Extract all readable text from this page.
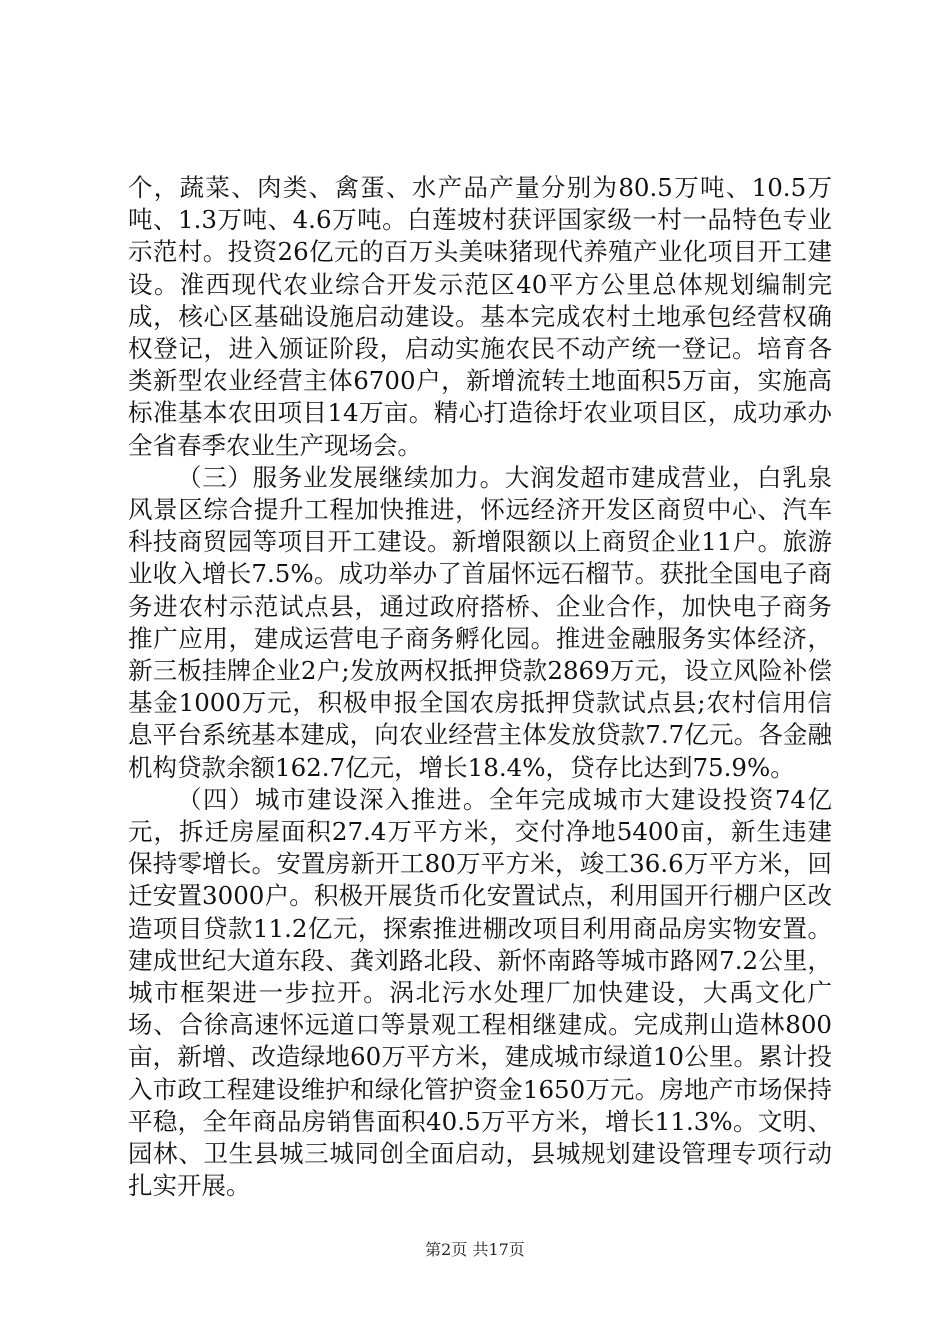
个，蔬菜、肉类、禽蛋、水产品产量分别为80.5万吨、10.5万吨、1.3万吨、4.6万吨。白莲坡村获评国家级一村一品特色专业示范村。投资26亿元的百万头美味猪现代养殖产业化项目开工建设。淮西现代农业综合开发示范区40平方公里总体规划编制完成，核心区基础设施启动建设。基本完成农村土地承包经营权确权登记，进入颁证阶段，启动实施农民不动产统一登记。培育各类新型农业经营主体6700户，新增流转土地面积5万亩，实施高标准基本农田项目14万亩。精心打造徐圩农业项目区，成功承办全省春季农业生产现场会。

（三）服务业发展继续加力。大润发超市建成营业，白乳泉风景区综合提升工程加快推进，怀远经济开发区商贸中心、汽车科技商贸园等项目开工建设。新增限额以上商贸企业11户。旅游业收入增长7.5%。成功举办了首届怀远石榴节。获批全国电子商务进农村示范试点县，通过政府搭桥、企业合作，加快电子商务推广应用，建成运营电子商务孵化园。推进金融服务实体经济，新三板挂牌企业2户;发放两权抵押贷款2869万元，设立风险补偿基金1000万元，积极申报全国农房抵押贷款试点县;农村信用信息平台系统基本建成，向农业经营主体发放贷款7.7亿元。各金融机构贷款余额162.7亿元，增长18.4%，贷存比达到75.9%。

（四）城市建设深入推进。全年完成城市大建设投资74亿元，拆迁房屋面积27.4万平方米，交付净地5400亩，新生违建保持零增长。安置房新开工80万平方米，竣工36.6万平方米，回迁安置3000户。积极开展货币化安置试点，利用国开行棚户区改造项目贷款11.2亿元，探索推进棚改项目利用商品房实物安置。建成世纪大道东段、龚刘路北段、新怀南路等城市路网7.2公里，城市框架进一步拉开。涡北污水处理厂加快建设，大禹文化广场、合徐高速怀远道口等景观工程相继建成。完成荆山造林800亩，新增、改造绿地60万平方米，建成城市绿道10公里。累计投入市政工程建设维护和绿化管护资金1650万元。房地产市场保持平稳，全年商品房销售面积40.5万平方米，增长11.3%。文明、园林、卫生县城三城同创全面启动，县城规划建设管理专项行动扎实开展。

第2页 共17页
